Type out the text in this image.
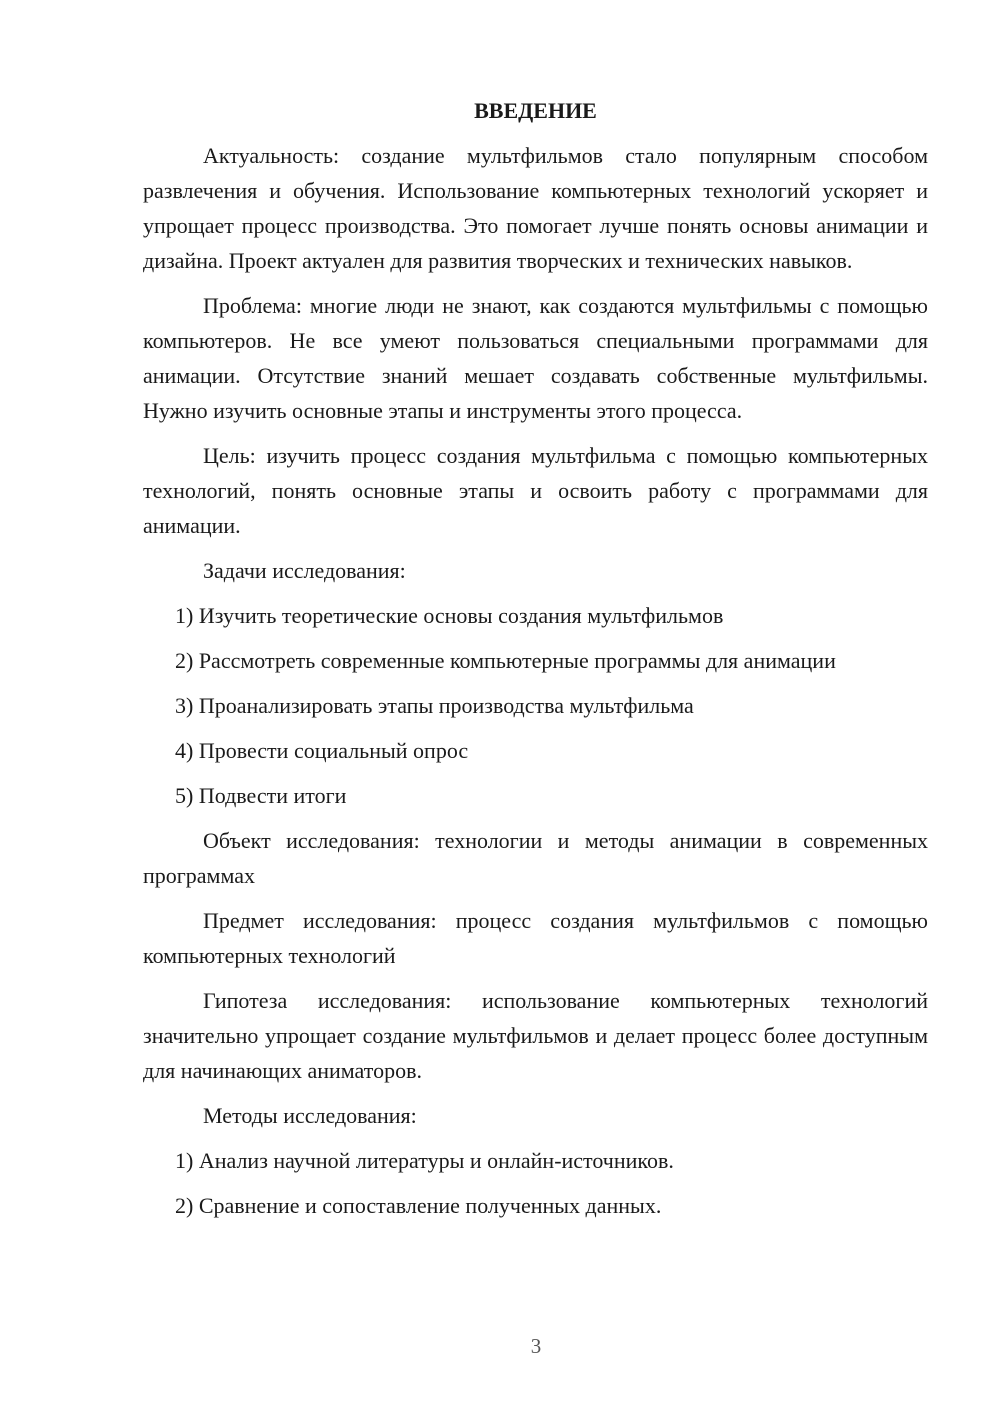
ВВЕДЕНИЕ

Актуальность: создание мультфильмов стало популярным способом развлечения и обучения. Использование компьютерных технологий ускоряет и упрощает процесс производства. Это помогает лучше понять основы анимации и дизайна. Проект актуален для развития творческих и технических навыков.

Проблема: многие люди не знают, как создаются мультфильмы с помощью компьютеров. Не все умеют пользоваться специальными программами для анимации. Отсутствие знаний мешает создавать собственные мультфильмы. Нужно изучить основные этапы и инструменты этого процесса.

Цель: изучить процесс создания мультфильма с помощью компьютерных технологий, понять основные этапы и освоить работу с программами для анимации.

Задачи исследования:

1) Изучить теоретические основы создания мультфильмов

2) Рассмотреть современные компьютерные программы для анимации

3) Проанализировать этапы производства мультфильма

4) Провести социальный опрос

5) Подвести итоги

Объект исследования: технологии и методы анимации в современных программах

Предмет исследования: процесс создания мультфильмов с помощью компьютерных технологий

Гипотеза исследования: использование компьютерных технологий значительно упрощает создание мультфильмов и делает процесс более доступным для начинающих аниматоров.

Методы исследования:

1) Анализ научной литературы и онлайн-источников.

2) Сравнение и сопоставление полученных данных.

3
